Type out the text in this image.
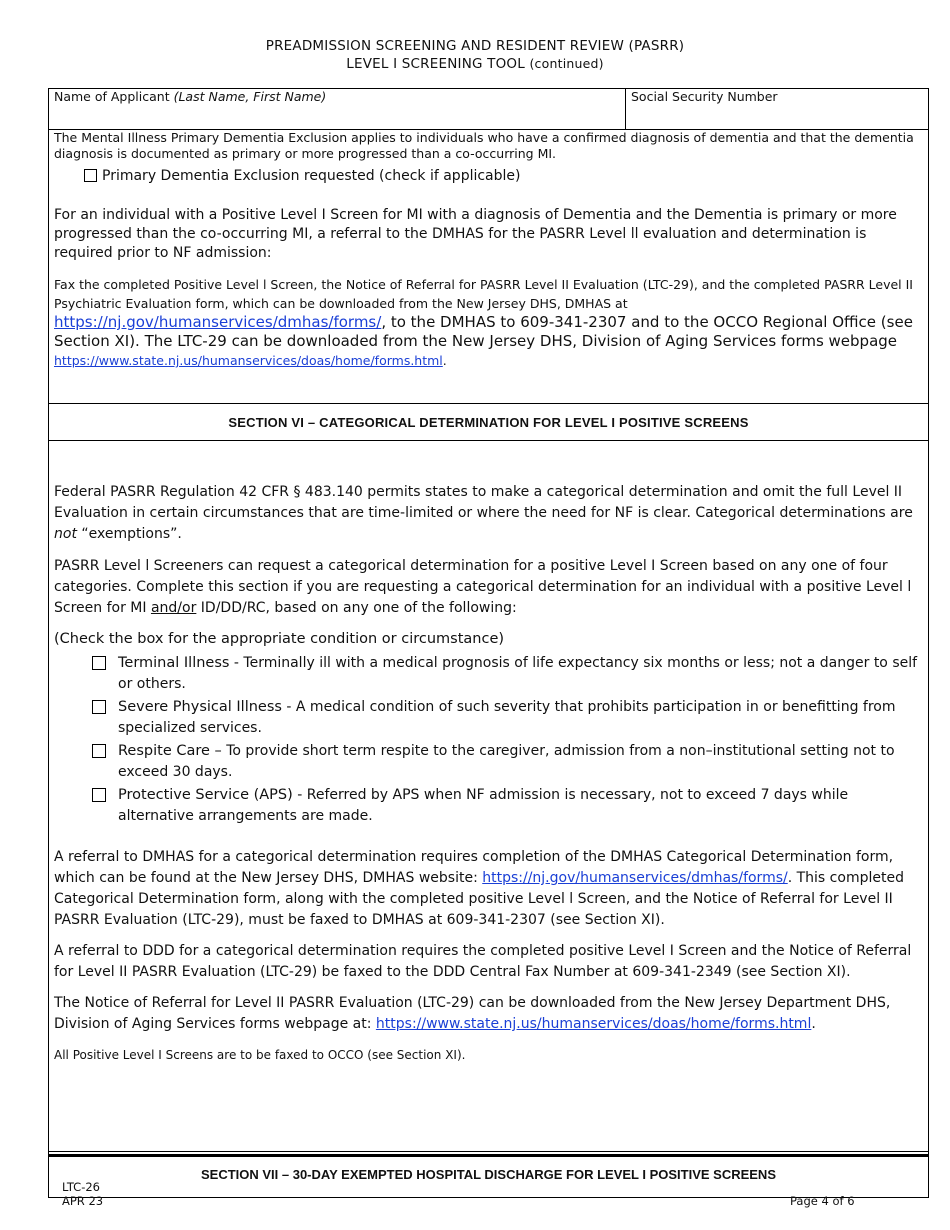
PREADMISSION SCREENING AND RESIDENT REVIEW (PASRR)
LEVEL I SCREENING TOOL (continued)
Name of Applicant (Last Name, First Name)	Social Security Number

The Mental Illness Primary Dementia Exclusion applies to individuals who have a confirmed diagnosis of dementia and that the dementia diagnosis is documented as primary or more progressed than a co-occurring MI.

Primary Dementia Exclusion requested (check if applicable)

For an individual with a Positive Level I Screen for MI with a diagnosis of Dementia and the Dementia is primary or more progressed than the co-occurring MI, a referral to the DMHAS for the PASRR Level ll evaluation and determination is required prior to NF admission:

Fax the completed Positive Level l Screen, the Notice of Referral for PASRR Level II Evaluation (LTC-29), and the completed PASRR Level II Psychiatric Evaluation form, which can be downloaded from the New Jersey DHS, DMHAS at https://nj.gov/humanservices/dmhas/forms/, to the DMHAS to 609-341-2307 and to the OCCO Regional Office (see Section XI). The LTC-29 can be downloaded from the New Jersey DHS, Division of Aging Services forms webpage https://www.state.nj.us/humanservices/doas/home/forms.html.

SECTION VI – CATEGORICAL DETERMINATION FOR LEVEL I POSITIVE SCREENS

Federal PASRR Regulation 42 CFR § 483.140 permits states to make a categorical determination and omit the full Level II Evaluation in certain circumstances that are time-limited or where the need for NF is clear. Categorical determinations are not “exemptions”.

PASRR Level l Screeners can request a categorical determination for a positive Level I Screen based on any one of four categories. Complete this section if you are requesting a categorical determination for an individual with a positive Level l Screen for MI and/or ID/DD/RC, based on any one of the following:

(Check the box for the appropriate condition or circumstance)

Terminal Illness - Terminally ill with a medical prognosis of life expectancy six months or less; not a danger to self or others.
Severe Physical Illness - A medical condition of such severity that prohibits participation in or benefitting from specialized services.
Respite Care – To provide short term respite to the caregiver, admission from a non–institutional setting not to exceed 30 days.
Protective Service (APS) - Referred by APS when NF admission is necessary, not to exceed 7 days while alternative arrangements are made.

A referral to DMHAS for a categorical determination requires completion of the DMHAS Categorical Determination form, which can be found at the New Jersey DHS, DMHAS website: https://nj.gov/humanservices/dmhas/forms/. This completed Categorical Determination form, along with the completed positive Level l Screen, and the Notice of Referral for Level II PASRR Evaluation (LTC-29), must be faxed to DMHAS at 609-341-2307 (see Section XI).

A referral to DDD for a categorical determination requires the completed positive Level I Screen and the Notice of Referral for Level II PASRR Evaluation (LTC-29) be faxed to the DDD Central Fax Number at 609-341-2349 (see Section XI).

The Notice of Referral for Level II PASRR Evaluation (LTC-29) can be downloaded from the New Jersey Department DHS, Division of Aging Services forms webpage at: https://www.state.nj.us/humanservices/doas/home/forms.html.

All Positive Level I Screens are to be faxed to OCCO (see Section XI).

SECTION VII – 30-DAY EXEMPTED HOSPITAL DISCHARGE FOR LEVEL I POSITIVE SCREENS
LTC-26
APR 23	Page 4 of 6
